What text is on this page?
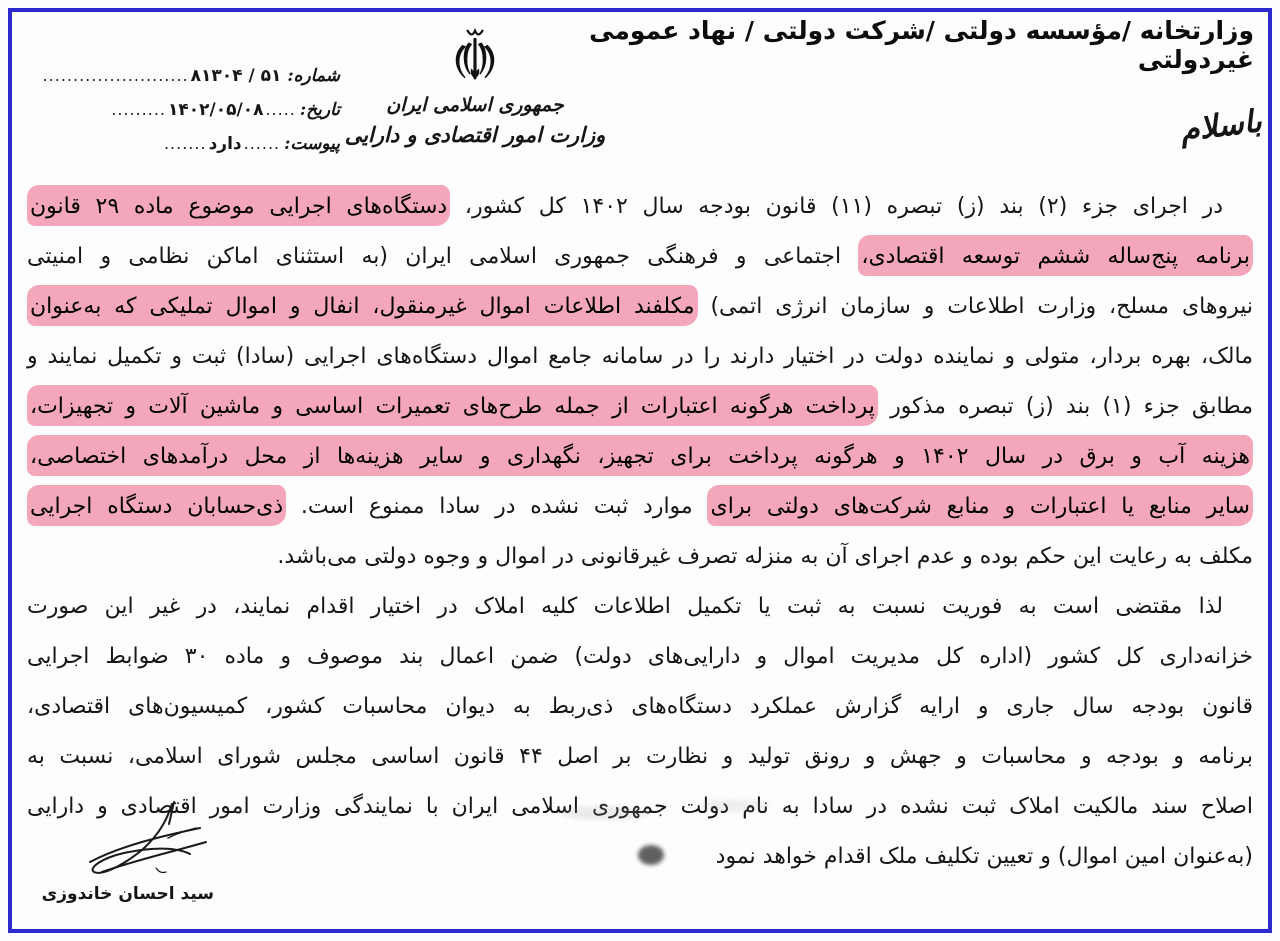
وزارتخانه /مؤسسه دولتی /شرکت دولتی / نهاد عمومی غیردولتی
جمهوری اسلامی ایران
وزارت امور اقتصادی و دارایی
شماره:
۵۱ / ۸۱۳۰۴
........................
تاریخ:
.....
۱۴۰۲/۰۵/۰۸
.........
پیوست:
......
دارد
.......	باسلام
در اجرای جزء (۲) بند (ز) تبصره (۱۱) قانون بودجه سال ۱۴۰۲ کل کشور، دستگاه‌های اجرایی موضوع ماده ۲۹ قانون
برنامه پنج‌ساله ششم توسعه اقتصادی، اجتماعی و فرهنگی جمهوری اسلامی ایران (به استثنای اماکن نظامی و امنیتی
نیروهای مسلح، وزارت اطلاعات و سازمان انرژی اتمی) مکلفند اطلاعات اموال غیرمنقول، انفال و اموال تملیکی که به‌عنوان
مالک، بهره بردار، متولی و نماینده دولت در اختیار دارند را در سامانه جامع اموال دستگاه‌های اجرایی (سادا) ثبت و تکمیل نمایند و
مطابق جزء (۱) بند (ز) تبصره مذکور پرداخت هرگونه اعتبارات از جمله طرح‌های تعمیرات اساسی و ماشین آلات و تجهیزات،
هزینه آب و برق در سال ۱۴۰۲ و هرگونه پرداخت برای تجهیز، نگهداری و سایر هزینه‌ها از محل درآمدهای اختصاصی،
سایر منابع یا اعتبارات و منابع شرکت‌های دولتی برای موارد ثبت نشده در سادا ممنوع است. ذی‌حسابان دستگاه اجرایی
مکلف به رعایت این حکم بوده و عدم اجرای آن به منزله تصرف غیرقانونی در اموال و وجوه دولتی می‌باشد.
لذا مقتضی است به فوریت نسبت به ثبت یا تکمیل اطلاعات کلیه املاک در اختیار اقدام نمایند، در غیر این صورت
خزانه‌داری کل کشور (اداره کل مدیریت اموال و دارایی‌های دولت) ضمن اعمال بند موصوف و ماده ۳۰ ضوابط اجرایی
قانون بودجه سال جاری و ارایه گزارش عملکرد دستگاه‌های ذی‌ربط به دیوان محاسبات کشور، کمیسیون‌های اقتصادی،
برنامه و بودجه و محاسبات و جهش و رونق تولید و نظارت بر اصل ۴۴ قانون اساسی مجلس شورای اسلامی، نسبت به
اصلاح سند مالکیت املاک ثبت نشده در سادا به نام دولت جمهوری اسلامی ایران با نمایندگی وزارت امور اقتصادی و دارایی
(به‌عنوان امین اموال) و تعیین تکلیف ملک اقدام خواهد نمود
سید احسان خاندوزی
